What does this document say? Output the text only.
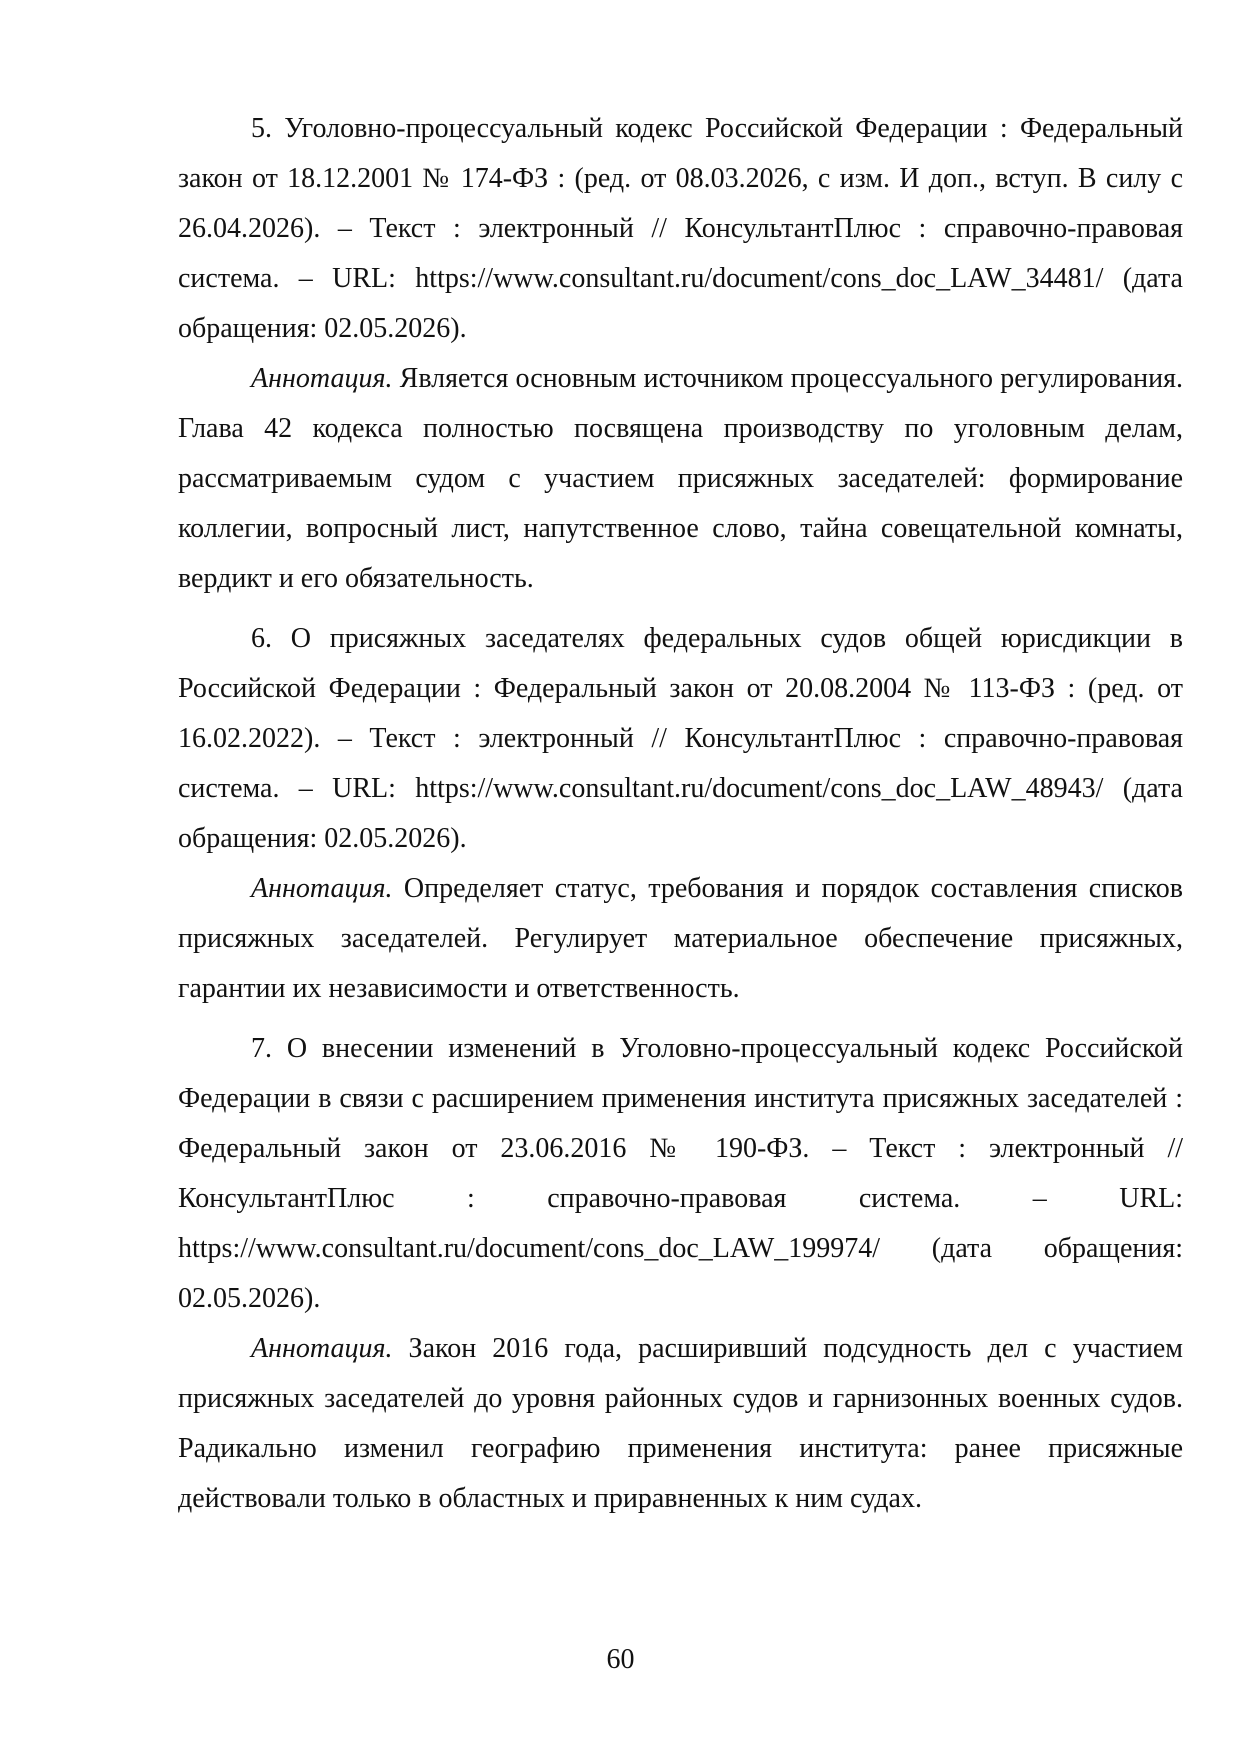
5. Уголовно-процессуальный кодекс Российской Федерации : Федеральный закон от 18.12.2001 № 174-ФЗ : (ред. от 08.03.2026, с изм. И доп., вступ. В силу с 26.04.2026). – Текст : электронный // КонсультантПлюс : справочно-правовая система. – URL: https://www.consultant.ru/document/cons_doc_LAW_34481/ (дата обращения: 02.05.2026).

Аннотация. Является основным источником процессуального регулирования. Глава 42 кодекса полностью посвящена производству по уголовным делам, рассматриваемым судом с участием присяжных заседателей: формирование коллегии, вопросный лист, напутственное слово, тайна совещательной комнаты, вердикт и его обязательность.

6. О присяжных заседателях федеральных судов общей юрисдикции в Российской Федерации : Федеральный закон от 20.08.2004 № 113-ФЗ : (ред. от 16.02.2022). – Текст : электронный // КонсультантПлюс : справочно-правовая система. – URL: https://www.consultant.ru/document/cons_doc_LAW_48943/ (дата обращения: 02.05.2026).

Аннотация. Определяет статус, требования и порядок составления списков присяжных заседателей. Регулирует материальное обеспечение присяжных, гарантии их независимости и ответственность.

7. О внесении изменений в Уголовно-процессуальный кодекс Российской Федерации в связи с расширением применения института присяжных заседателей : Федеральный закон от 23.06.2016 № 190-ФЗ. – Текст : электронный // КонсультантПлюс : справочно-правовая система. – URL: https://www.consultant.ru/document/cons_doc_LAW_199974/ (дата обращения: 02.05.2026).

Аннотация. Закон 2016 года, расширивший подсудность дел с участием присяжных заседателей до уровня районных судов и гарнизонных военных судов. Радикально изменил географию применения института: ранее присяжные действовали только в областных и приравненных к ним судах.

60
